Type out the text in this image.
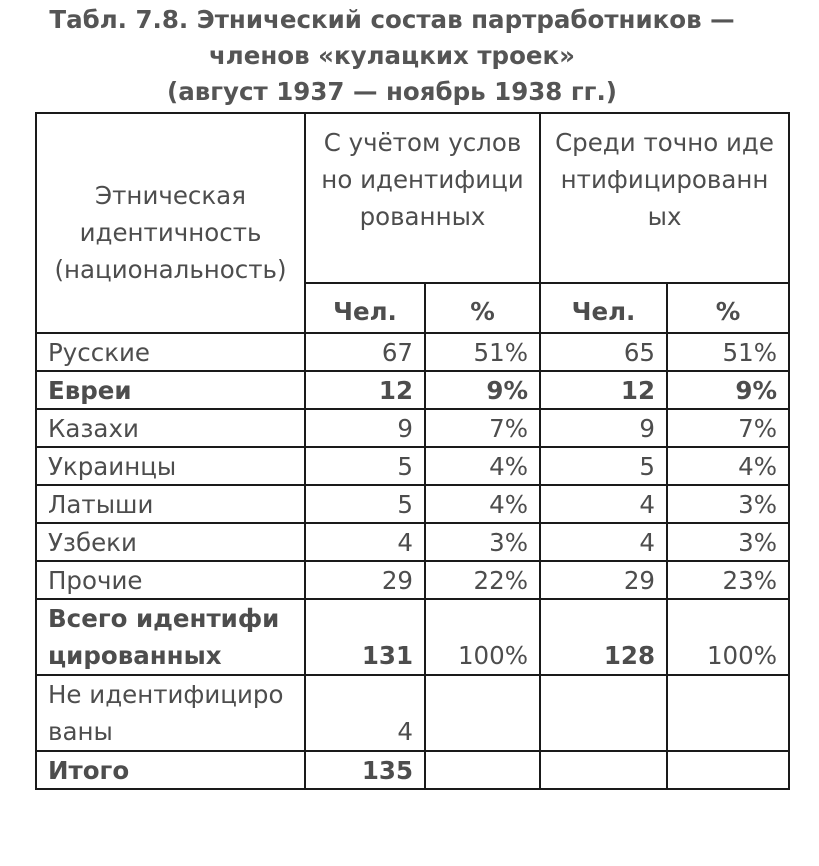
Табл. 7.8. Этнический состав партработников —
членов «кулацких троек»
(август 1937 — ноябрь 1938 гг.)
Этническая идентичность (национальность)	С учётом условно идентифицированных		Среди точно идентифицированных	
	Чел.	%	Чел.	%
Русские	67	51%	65	51%
Евреи	12	9%	12	9%
Казахи	9	7%	9	7%
Украинцы	5	4%	5	4%
Латыши	5	4%	4	3%
Узбеки	4	3%	4	3%
Прочие	29	22%	29	23%
Всего идентифицированных	131	100%	128	100%
Не идентифицированы	4			
Итого	135			
